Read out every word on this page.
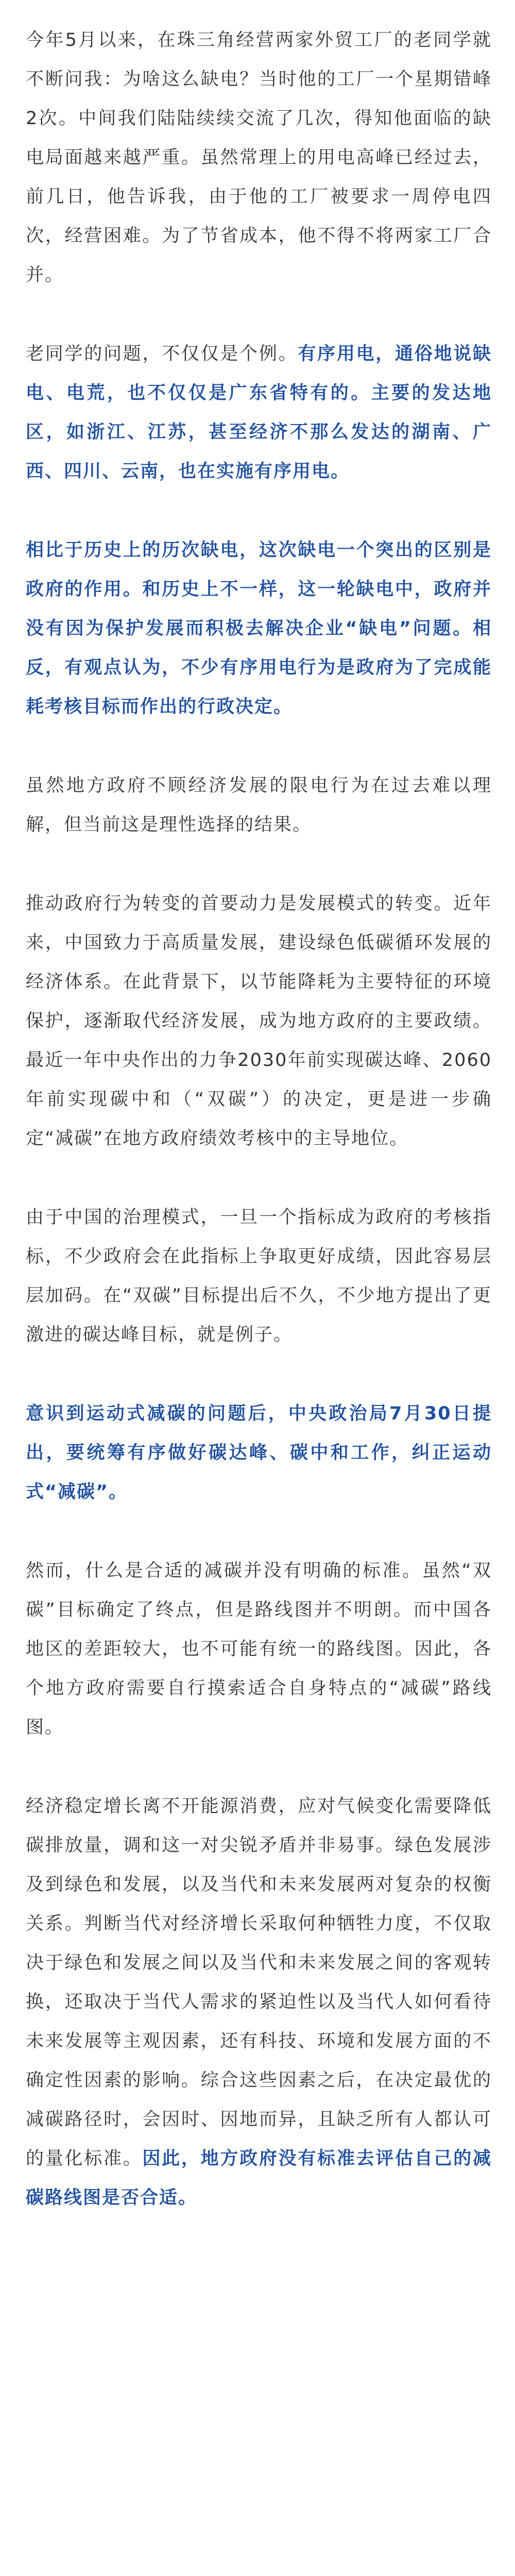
今年5月以来，在珠三角经营两家外贸工厂的老同学就不断问我：为啥这么缺电？当时他的工厂一个星期错峰2次。中间我们陆陆续续交流了几次，得知他面临的缺电局面越来越严重。虽然常理上的用电高峰已经过去，前几日，他告诉我，由于他的工厂被要求一周停电四次，经营困难。为了节省成本，他不得不将两家工厂合并。

老同学的问题，不仅仅是个例。有序用电，通俗地说缺电、电荒，也不仅仅是广东省特有的。主要的发达地区，如浙江、江苏，甚至经济不那么发达的湖南、广西、四川、云南，也在实施有序用电。

相比于历史上的历次缺电，这次缺电一个突出的区别是政府的作用。和历史上不一样，这一轮缺电中，政府并没有因为保护发展而积极去解决企业“缺电”问题。相反，有观点认为，不少有序用电行为是政府为了完成能耗考核目标而作出的行政决定。

虽然地方政府不顾经济发展的限电行为在过去难以理解，但当前这是理性选择的结果。

推动政府行为转变的首要动力是发展模式的转变。近年来，中国致力于高质量发展，建设绿色低碳循环发展的经济体系。在此背景下，以节能降耗为主要特征的环境保护，逐渐取代经济发展，成为地方政府的主要政绩。最近一年中央作出的力争2030年前实现碳达峰、2060年前实现碳中和（“双碳”）的决定，更是进一步确定“减碳”在地方政府绩效考核中的主导地位。

由于中国的治理模式，一旦一个指标成为政府的考核指标，不少政府会在此指标上争取更好成绩，因此容易层层加码。在“双碳”目标提出后不久，不少地方提出了更激进的碳达峰目标，就是例子。

意识到运动式减碳的问题后，中央政治局7月30日提出，要统筹有序做好碳达峰、碳中和工作，纠正运动式“减碳”。

然而，什么是合适的减碳并没有明确的标准。虽然“双碳”目标确定了终点，但是路线图并不明朗。而中国各地区的差距较大，也不可能有统一的路线图。因此，各个地方政府需要自行摸索适合自身特点的“减碳”路线图。

经济稳定增长离不开能源消费，应对气候变化需要降低碳排放量，调和这一对尖锐矛盾并非易事。绿色发展涉及到绿色和发展，以及当代和未来发展两对复杂的权衡关系。判断当代对经济增长采取何种牺牲力度，不仅取决于绿色和发展之间以及当代和未来发展之间的客观转换，还取决于当代人需求的紧迫性以及当代人如何看待未来发展等主观因素，还有科技、环境和发展方面的不确定性因素的影响。综合这些因素之后，在决定最优的减碳路径时，会因时、因地而异，且缺乏所有人都认可的量化标准。因此，地方政府没有标准去评估自己的减碳路线图是否合适。
